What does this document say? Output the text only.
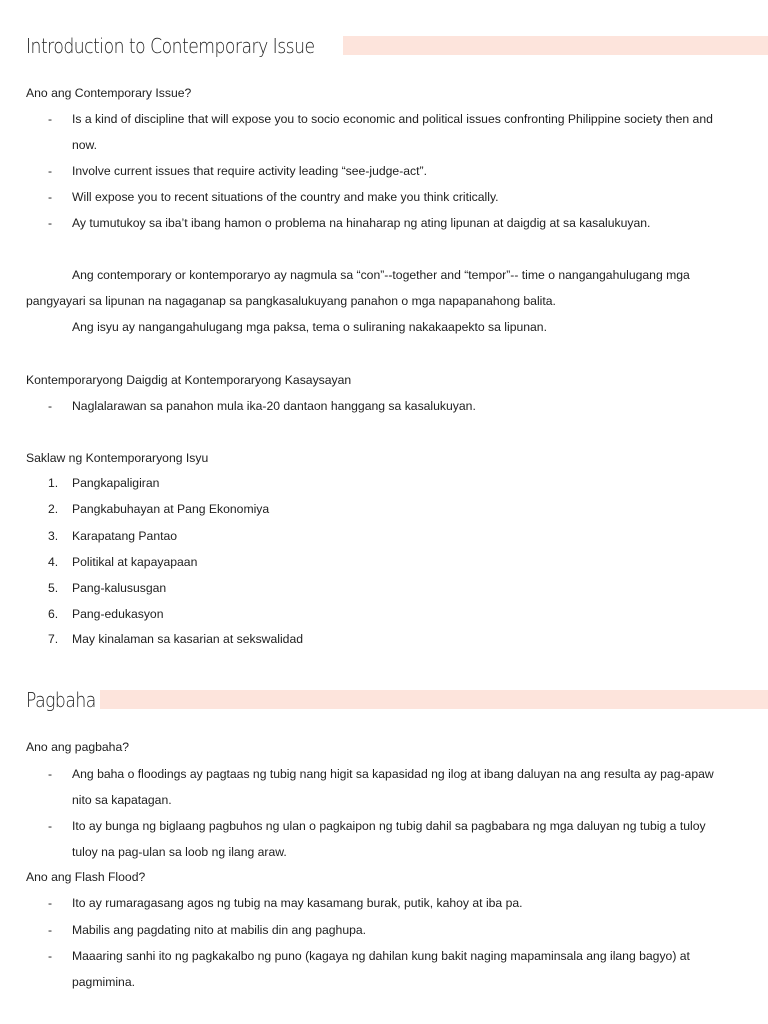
Introduction to Contemporary Issue
Ano ang Contemporary Issue?
- Is a kind of discipline that will expose you to socio economic and political issues confronting Philippine society then and
now.
- Involve current issues that require activity leading “see-judge-act”.
- Will expose you to recent situations of the country and make you think critically.
- Ay tumutukoy sa iba’t ibang hamon o problema na hinaharap ng ating lipunan at daigdig at sa kasalukuyan.
Ang contemporary or kontemporaryo ay nagmula sa “con”--together and “tempor”-- time o nangangahulugang mga
pangyayari sa lipunan na nagaganap sa pangkasalukuyang panahon o mga napapanahong balita.
Ang isyu ay nangangahulugang mga paksa, tema o suliraning nakakaapekto sa lipunan.
Kontemporaryong Daigdig at Kontemporaryong Kasaysayan
- Naglalarawan sa panahon mula ika-20 dantaon hanggang sa kasalukuyan.
Saklaw ng Kontemporaryong Isyu
1. Pangkapaligiran
2. Pangkabuhayan at Pang Ekonomiya
3. Karapatang Pantao
4. Politikal at kapayapaan
5. Pang-kalususgan
6. Pang-edukasyon
7. May kinalaman sa kasarian at sekswalidad
Pagbaha
Ano ang pagbaha?
- Ang baha o floodings ay pagtaas ng tubig nang higit sa kapasidad ng ilog at ibang daluyan na ang resulta ay pag-apaw
nito sa kapatagan.
- Ito ay bunga ng biglaang pagbuhos ng ulan o pagkaipon ng tubig dahil sa pagbabara ng mga daluyan ng tubig a tuloy
tuloy na pag-ulan sa loob ng ilang araw.
Ano ang Flash Flood?
- Ito ay rumaragasang agos ng tubig na may kasamang burak, putik, kahoy at iba pa.
- Mabilis ang pagdating nito at mabilis din ang paghupa.
- Maaaring sanhi ito ng pagkakalbo ng puno (kagaya ng dahilan kung bakit naging mapaminsala ang ilang bagyo) at
pagmimina.
